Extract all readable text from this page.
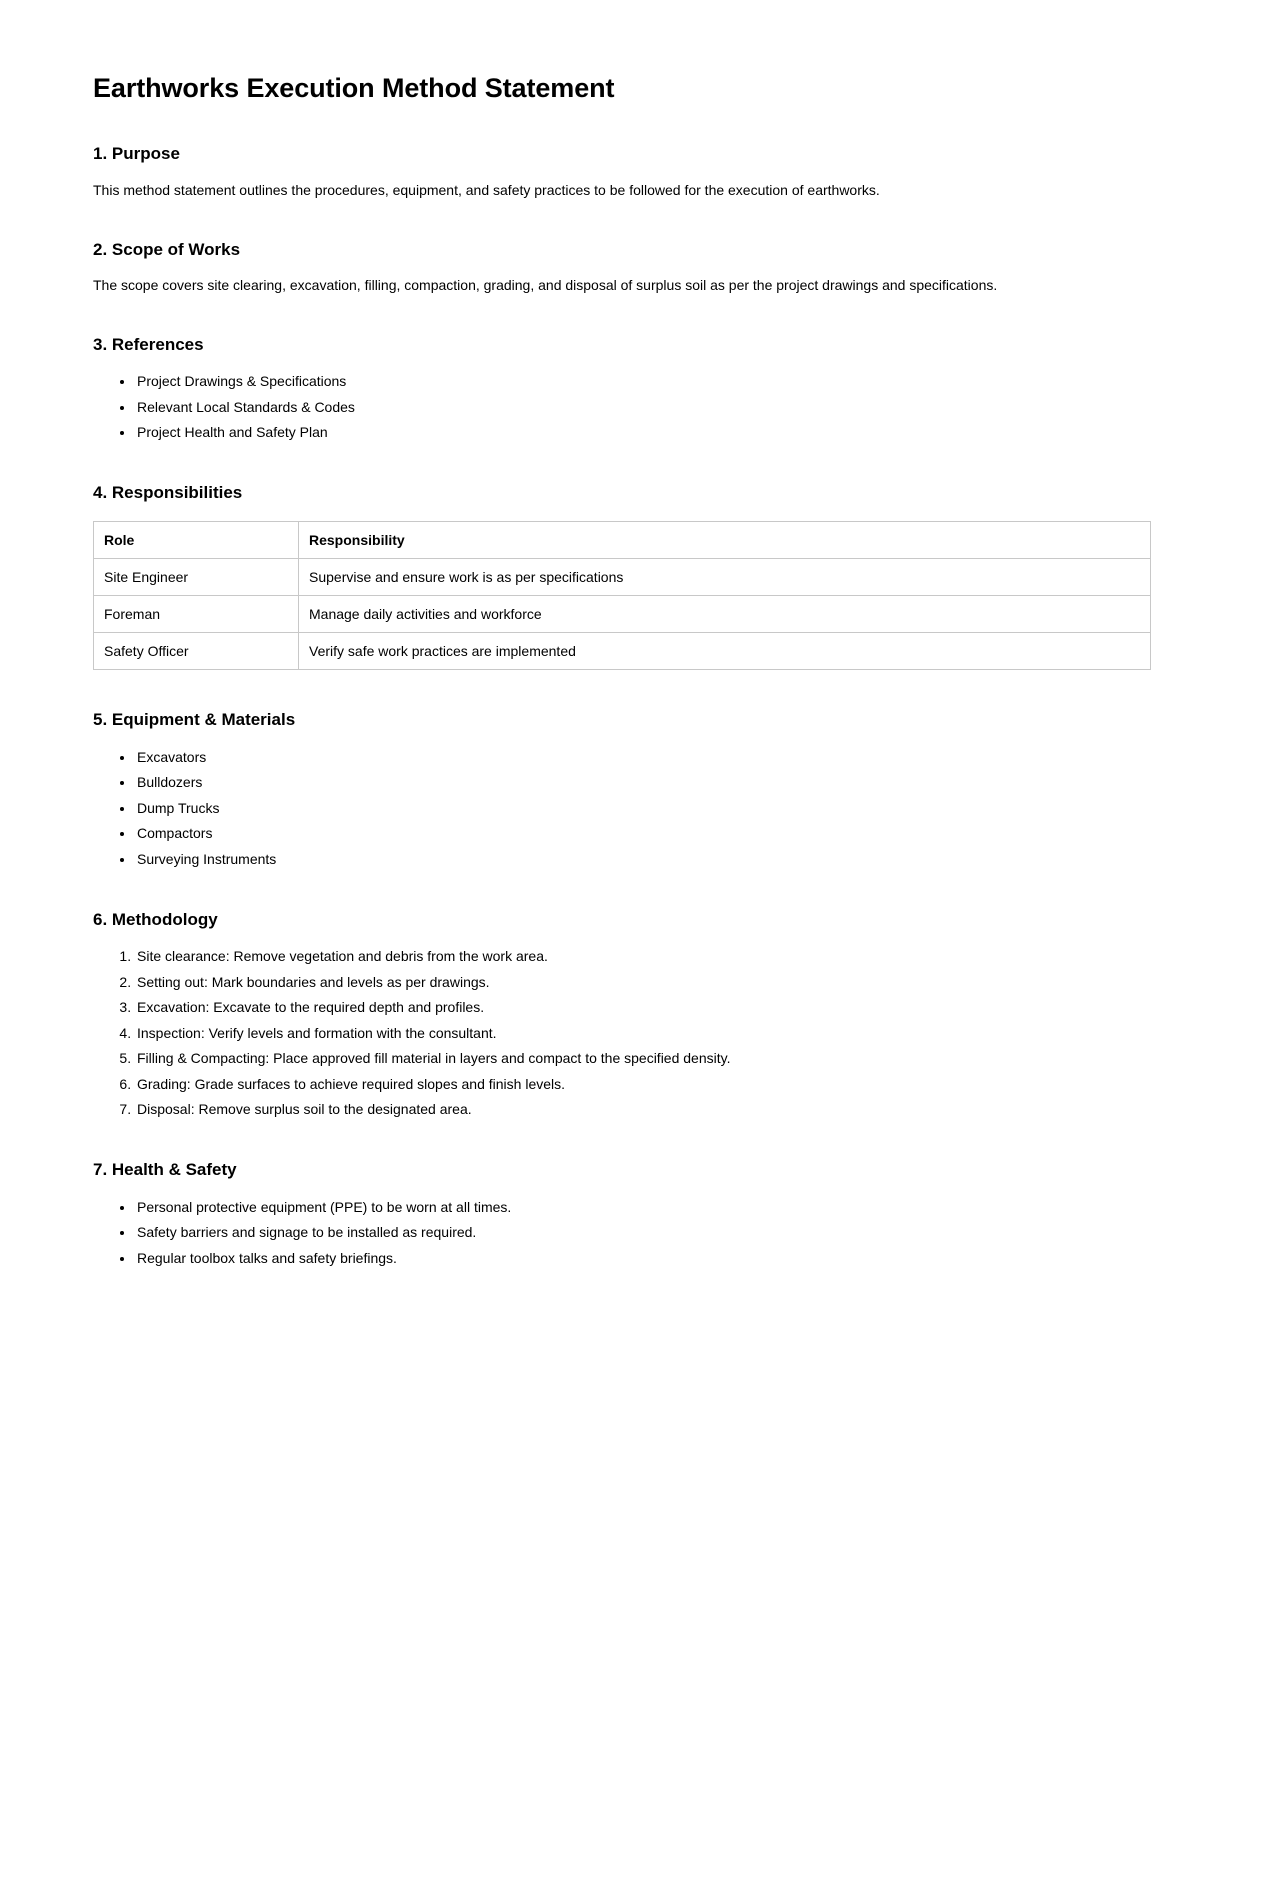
Earthworks Execution Method Statement
1. Purpose

This method statement outlines the procedures, equipment, and safety practices to be followed for the execution of earthworks.

2. Scope of Works

The scope covers site clearing, excavation, filling, compaction, grading, and disposal of surplus soil as per the project drawings and specifications.

3. References
• Project Drawings & Specifications
• Relevant Local Standards & Codes
• Project Health and Safety Plan
4. Responsibilities
Role	Responsibility
Site Engineer	Supervise and ensure work is as per specifications
Foreman	Manage daily activities and workforce
Safety Officer	Verify safe work practices are implemented
5. Equipment & Materials
• Excavators
• Bulldozers
• Dump Trucks
• Compactors
• Surveying Instruments
6. Methodology
1. Site clearance: Remove vegetation and debris from the work area.
2. Setting out: Mark boundaries and levels as per drawings.
3. Excavation: Excavate to the required depth and profiles.
4. Inspection: Verify levels and formation with the consultant.
5. Filling & Compacting: Place approved fill material in layers and compact to the specified density.
6. Grading: Grade surfaces to achieve required slopes and finish levels.
7. Disposal: Remove surplus soil to the designated area.
7. Health & Safety
• Personal protective equipment (PPE) to be worn at all times.
• Safety barriers and signage to be installed as required.
• Regular toolbox talks and safety briefings.
